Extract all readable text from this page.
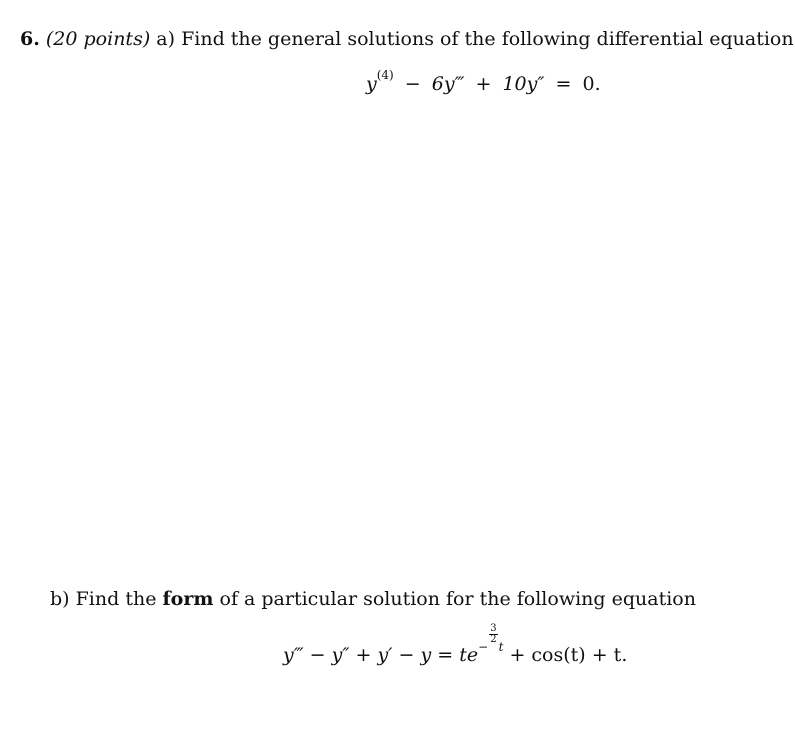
6. (20 points) a) Find the general solutions of the following differential equation
$y^{(4)}$ − 6y‴ + 10y″ = 0.
b) Find the form of a particular solution for the following equation
y‴ − y″ + y′ − y = te−
$\frac{3}{2}$
t + cos(t) + t.
